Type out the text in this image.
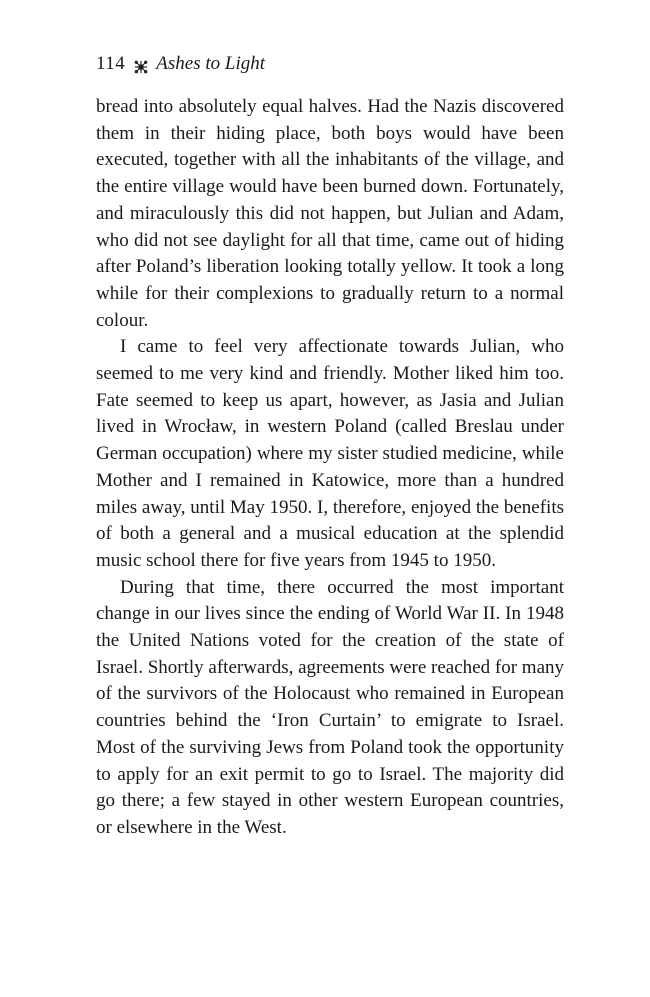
114 Ashes to Light

bread into absolutely equal halves. Had the Nazis discovered them in their hiding place, both boys would have been executed, together with all the inhabitants of the village, and the entire village would have been burned down. Fortunately, and miraculously this did not happen, but Julian and Adam, who did not see daylight for all that time, came out of hiding after Poland’s liberation looking totally yellow. It took a long while for their complexions to gradually return to a normal colour.

I came to feel very affectionate towards Julian, who seemed to me very kind and friendly. Mother liked him too. Fate seemed to keep us apart, however, as Jasia and Julian lived in Wrocław, in western Poland (called Breslau under German occupation) where my sister studied medicine, while Mother and I remained in Katowice, more than a hundred miles away, until May 1950. I, therefore, enjoyed the benefits of both a general and a musical education at the splendid music school there for five years from 1945 to 1950.

During that time, there occurred the most important change in our lives since the ending of World War II. In 1948 the United Nations voted for the creation of the state of Israel. Shortly afterwards, agreements were reached for many of the survivors of the Holocaust who remained in European countries behind the ‘Iron Curtain’ to emigrate to Israel. Most of the surviving Jews from Poland took the opportunity to apply for an exit permit to go to Israel. The majority did go there; a few stayed in other western European countries, or elsewhere in the West.
